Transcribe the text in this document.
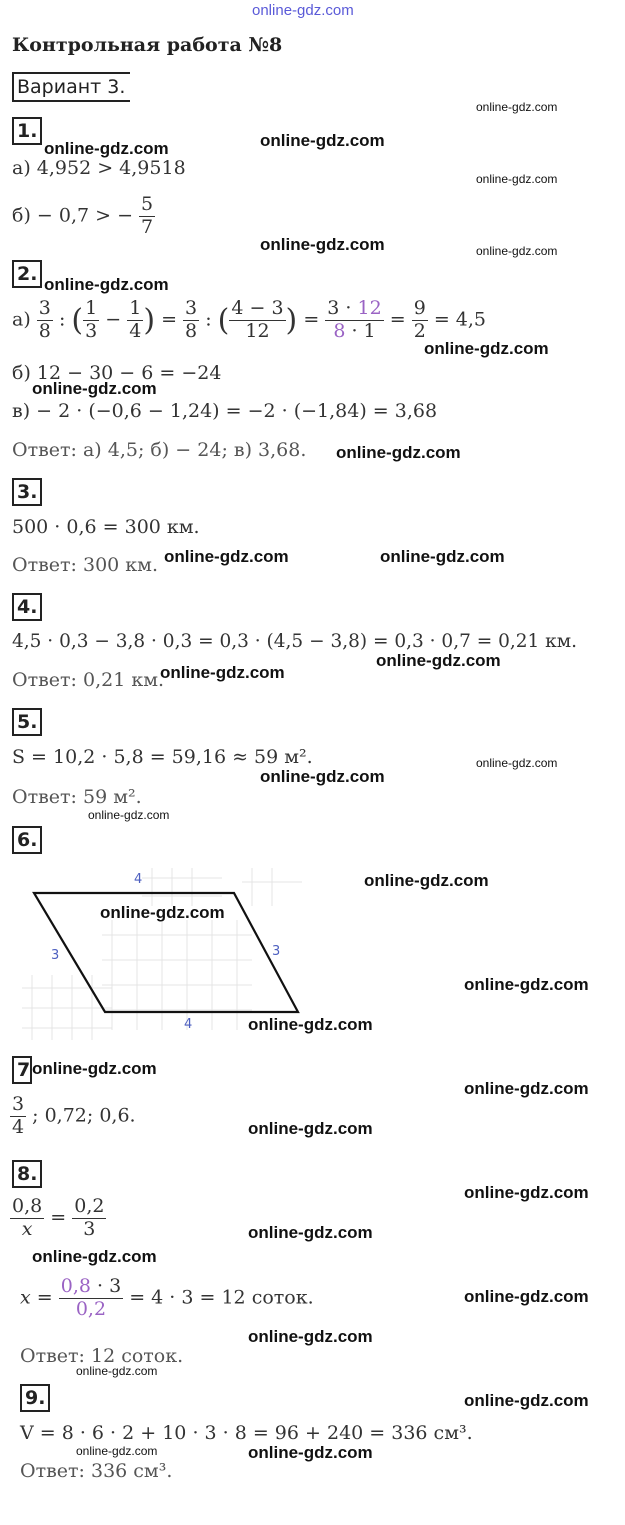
online-gdz.com
Контрольная работа №8
Вариант 3.
1.
а) 4,952 > 4,9518
б) − 0,7 > − $\frac{5}{7}$
2.
$а) \frac{3}{8}$ : ( $\frac{1}{3} - \frac{1}{4}$ ) = $\frac{3}{8}$ : ( $\frac{4 - 3}{12}$ ) = $\frac{3 \cdot 12}{8 \cdot 1} = \frac{9}{2} = 4,5$
б) 12 − 30 − 6 = −24
в) − 2 · (−0,6 − 1,24) = −2 · (−1,84) = 3,68
Ответ: а) 4,5; б) − 24; в) 3,68.
3.
500 · 0,6 = 300 км.
Ответ: 300 км.
4.
4,5 · 0,3 − 3,8 · 0,3 = 0,3 · (4,5 − 3,8) = 0,3 · 0,7 = 0,21 км.
Ответ: 0,21 км.
5.
S = 10,2 · 5,8 = 59,16 ≈ 59 м².
Ответ: 59 м².
6.
4
4
3	3
7
$\frac{3}{4}$ ; 0,72; 0,6.
8.
$\frac{0,8}{x} = \frac{0,2}{3}$
$x = \frac{0,8 \cdot 3}{0,2} = 4 \cdot 3 = 12$ соток.
Ответ: 12 соток.
9.
V = 8 · 6 · 2 + 10 · 3 · 8 = 96 + 240 = 336 см³.
Ответ: 336 см³.
online-gdz.com
online-gdz.com	online-gdz.com
online-gdz.com
online-gdz.com	online-gdz.com
online-gdz.com
online-gdz.com
online-gdz.com
online-gdz.com
online-gdz.com	online-gdz.com
online-gdz.com
online-gdz.com
online-gdz.com
online-gdz.com
online-gdz.com
online-gdz.com
online-gdz.com
online-gdz.com
online-gdz.com
online-gdz.com
online-gdz.com
online-gdz.com
online-gdz.com
online-gdz.com
online-gdz.com
online-gdz.com
online-gdz.com
online-gdz.com
online-gdz.com
online-gdz.com	online-gdz.com
